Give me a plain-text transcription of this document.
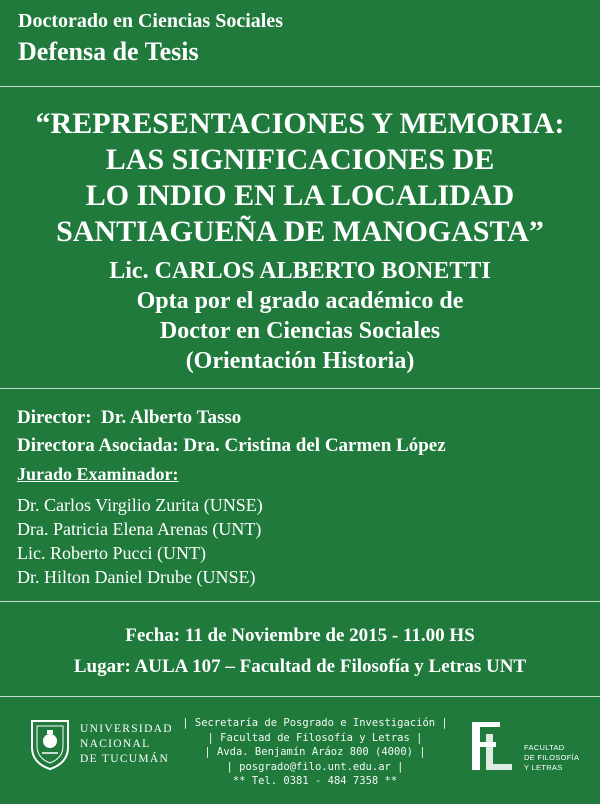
Doctorado en Ciencias Sociales
Defensa de Tesis
“REPRESENTACIONES Y MEMORIA:
LAS SIGNIFICACIONES DE
LO INDIO EN LA LOCALIDAD
SANTIAGUEÑA DE MANOGASTA”
Lic. CARLOS ALBERTO BONETTI
Opta por el grado académico de
Doctor en Ciencias Sociales
(Orientación Historia)
Director: Dr. Alberto Tasso
Directora Asociada: Dra. Cristina del Carmen López
Jurado Examinador:
Dr. Carlos Virgilio Zurita (UNSE)
Dra. Patricia Elena Arenas (UNT)
Lic. Roberto Pucci (UNT)
Dr. Hilton Daniel Drube (UNSE)
Fecha: 11 de Noviembre de 2015 - 11.00 HS
Lugar: AULA 107 – Facultad de Filosofía y Letras UNT
UNIVERSIDAD
NACIONAL
DE TUCUMÁN
| Secretaría de Posgrado e Investigación |
| Facultad de Filosofía y Letras |
| Avda. Benjamín Aráoz 800 (4000) |
| posgrado@filo.unt.edu.ar |
** Tel. 0381 - 484 7358 **
FACULTAD
DE FILOSOFÍA
Y LETRAS
